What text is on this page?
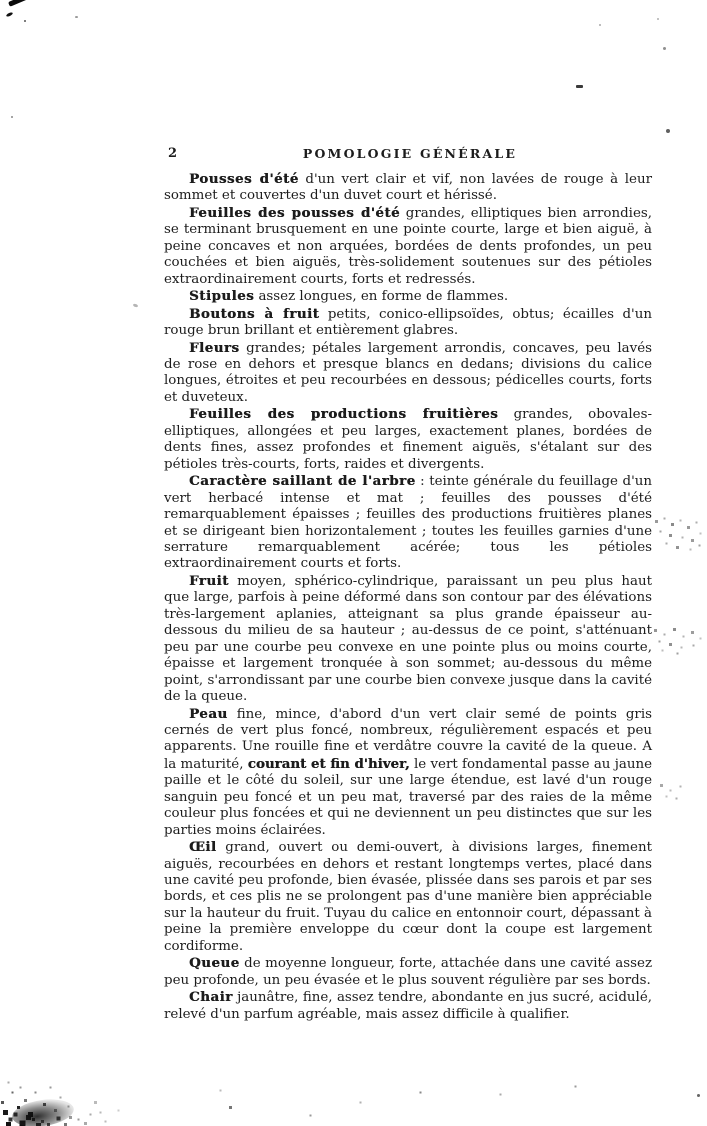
2	POMOLOGIE GÉNÉRALE

Pousses d'été d'un vert clair et vif, non lavées de rouge à leur sommet et couvertes d'un duvet court et hérissé.

Feuilles des pousses d'été grandes, elliptiques bien arrondies, se terminant brusquement en une pointe courte, large et bien aiguë, à peine concaves et non arquées, bordées de dents profondes, un peu couchées et bien aiguës, très-solidement soutenues sur des pétioles extraordinairement courts, forts et redressés.

Stipules assez longues, en forme de flammes.

Boutons à fruit petits, conico-ellipsoïdes, obtus; écailles d'un rouge brun brillant et entièrement glabres.

Fleurs grandes; pétales largement arrondis, concaves, peu lavés de rose en dehors et presque blancs en dedans; divisions du calice longues, étroites et peu recourbées en dessous; pédicelles courts, forts et duveteux.

Feuilles des productions fruitières grandes, obovales-elliptiques, allongées et peu larges, exactement planes, bordées de dents fines, assez profondes et finement aiguës, s'étalant sur des pétioles très-courts, forts, raides et divergents.

Caractère saillant de l'arbre : teinte générale du feuillage d'un vert herbacé intense et mat ; feuilles des pousses d'été remarquablement épaisses ; feuilles des productions fruitières planes et se dirigeant bien horizontalement ; toutes les feuilles garnies d'une serrature remarquablement acérée; tous les pétioles extraordinairement courts et forts.

Fruit moyen, sphérico-cylindrique, paraissant un peu plus haut que large, parfois à peine déformé dans son contour par des élévations très-largement aplanies, atteignant sa plus grande épaisseur au-dessous du milieu de sa hauteur ; au-dessus de ce point, s'atténuant peu par une courbe peu convexe en une pointe plus ou moins courte, épaisse et largement tronquée à son sommet; au-dessous du même point, s'arrondissant par une courbe bien convexe jusque dans la cavité de la queue.

Peau fine, mince, d'abord d'un vert clair semé de points gris cernés de vert plus foncé, nombreux, régulièrement espacés et peu apparents. Une rouille fine et verdâtre couvre la cavité de la queue. A la maturité, courant et fin d'hiver, le vert fondamental passe au jaune paille et le côté du soleil, sur une large étendue, est lavé d'un rouge sanguin peu foncé et un peu mat, traversé par des raies de la même couleur plus foncées et qui ne deviennent un peu distinctes que sur les parties moins éclairées.

Œil grand, ouvert ou demi-ouvert, à divisions larges, finement aiguës, recourbées en dehors et restant longtemps vertes, placé dans une cavité peu profonde, bien évasée, plissée dans ses parois et par ses bords, et ces plis ne se prolongent pas d'une manière bien appréciable sur la hauteur du fruit. Tuyau du calice en entonnoir court, dépassant à peine la première enveloppe du cœur dont la coupe est largement cordiforme.

Queue de moyenne longueur, forte, attachée dans une cavité assez peu profonde, un peu évasée et le plus souvent régulière par ses bords.

Chair jaunâtre, fine, assez tendre, abondante en jus sucré, acidulé, relevé d'un parfum agréable, mais assez difficile à qualifier.
